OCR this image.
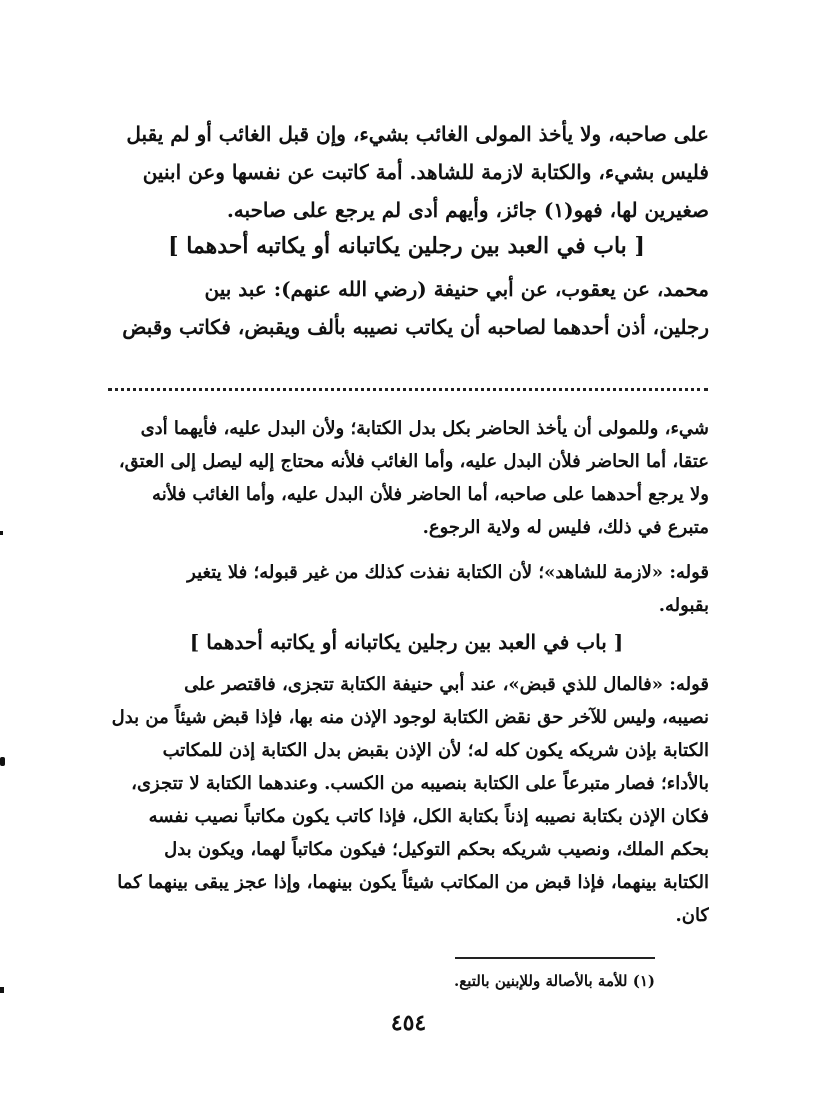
على صاحبه، ولا يأخذ المولى الغائب بشيء، وإن قبل الغائب أو لم يقبل
فليس بشيء، والكتابة لازمة للشاهد. أمة كاتبت عن نفسها وعن ابنين
صغيرين لها، فهو(١) جائز، وأيهم أدى لم يرجع على صاحبه.
[ باب في العبد بين رجلين يكاتبانه أو يكاتبه أحدهما ]
محمد، عن يعقوب، عن أبي حنيفة (رضي الله عنهم): عبد بين
رجلين، أذن أحدهما لصاحبه أن يكاتب نصيبه بألف ويقبض، فكاتب وقبض
شيء، وللمولى أن يأخذ الحاضر بكل بدل الكتابة؛ ولأن البدل عليه، فأيهما أدى
عتقا، أما الحاضر فلأن البدل عليه، وأما الغائب فلأنه محتاج إليه ليصل إلى العتق،
ولا يرجع أحدهما على صاحبه، أما الحاضر فلأن البدل عليه، وأما الغائب فلأنه
متبرع في ذلك، فليس له ولاية الرجوع.
قوله: «لازمة للشاهد»؛ لأن الكتابة نفذت كذلك من غير قبوله؛ فلا يتغير
بقبوله.
[ باب في العبد بين رجلين يكاتبانه أو يكاتبه أحدهما ]
قوله: «فالمال للذي قبض»، عند أبي حنيفة الكتابة تتجزى، فاقتصر على
نصيبه، وليس للآخر حق نقض الكتابة لوجود الإذن منه بها، فإذا قبض شيئاً من بدل
الكتابة بإذن شريكه يكون كله له؛ لأن الإذن بقبض بدل الكتابة إذن للمكاتب
بالأداء؛ فصار متبرعاً على الكتابة بنصيبه من الكسب. وعندهما الكتابة لا تتجزى،
فكان الإذن بكتابة نصيبه إذناً بكتابة الكل، فإذا كاتب يكون مكاتباً نصيب نفسه
بحكم الملك، ونصيب شريكه بحكم التوكيل؛ فيكون مكاتباً لهما، ويكون بدل
الكتابة بينهما، فإذا قبض من المكاتب شيئاً يكون بينهما، وإذا عجز يبقى بينهما كما
كان.
(١) للأمة بالأصالة وللإبنين بالتبع.
٤٥٤
